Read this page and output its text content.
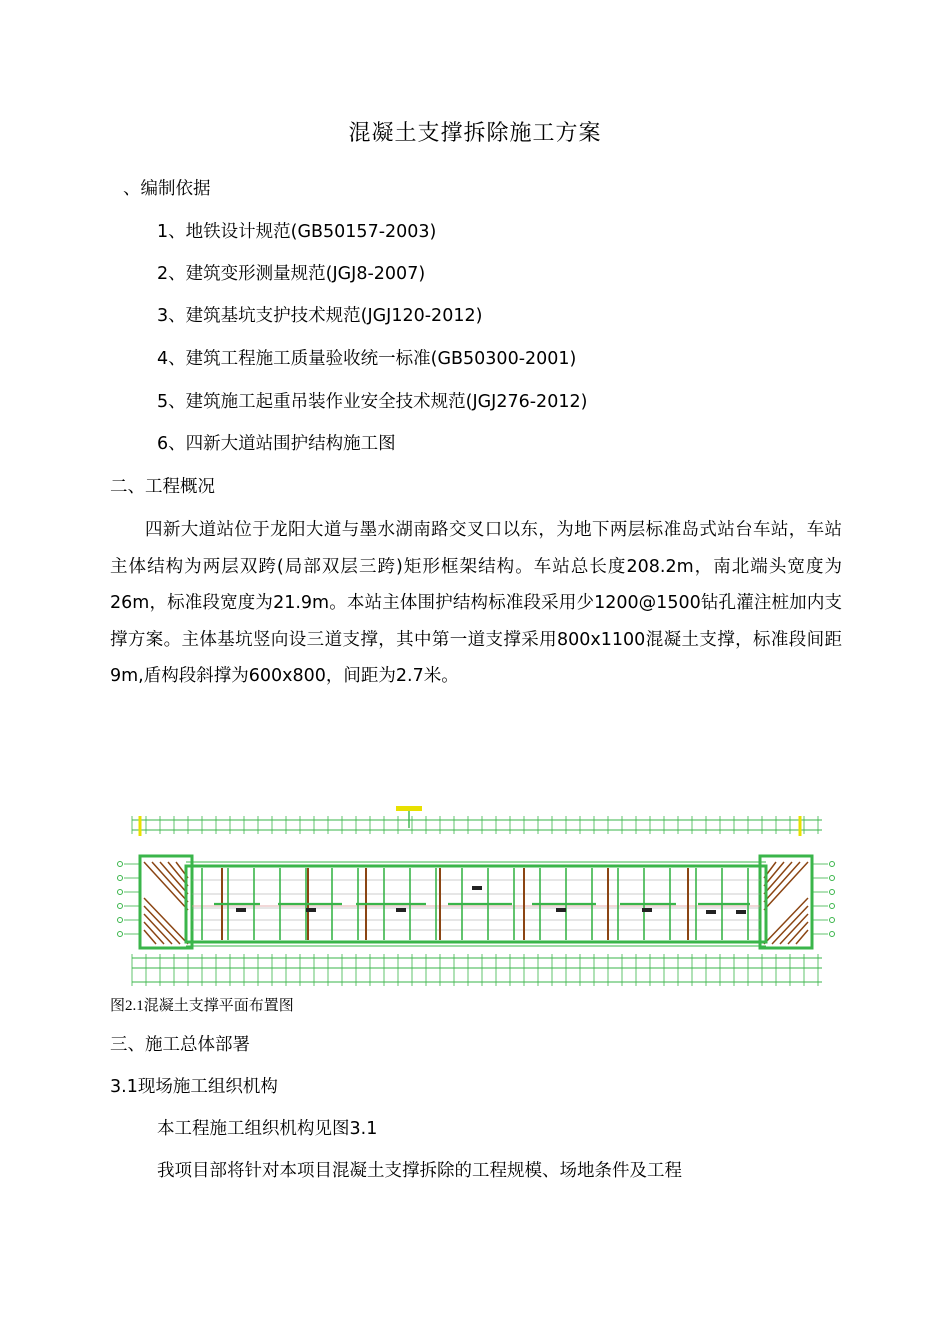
混凝土支撑拆除施工方案
、编制依据
1、地铁设计规范(GB50157-2003)
2、建筑变形测量规范(JGJ8-2007)
3、建筑基坑支护技术规范(JGJ120-2012)
4、建筑工程施工质量验收统一标准(GB50300-2001)
5、建筑施工起重吊装作业安全技术规范(JGJ276-2012)
6、四新大道站围护结构施工图
二、工程概况
四新大道站位于龙阳大道与墨水湖南路交叉口以东，为地下两层标准岛式站台车站，车站主体结构为两层双跨(局部双层三跨)矩形框架结构。车站总长度208.2m，南北端头宽度为26m，标准段宽度为21.9m。本站主体围护结构标准段采用少1200@1500钻孔灌注桩加内支撑方案。主体基坑竖向设三道支撑，其中第一道支撑采用800x1100混凝土支撑，标准段间距9m,盾构段斜撑为600x800，间距为2.7米。
图2.1混凝土支撑平面布置图
三、施工总体部署
3.1现场施工组织机构
本工程施工组织机构见图3.1
我项目部将针对本项目混凝土支撑拆除的工程规模、场地条件及工程
